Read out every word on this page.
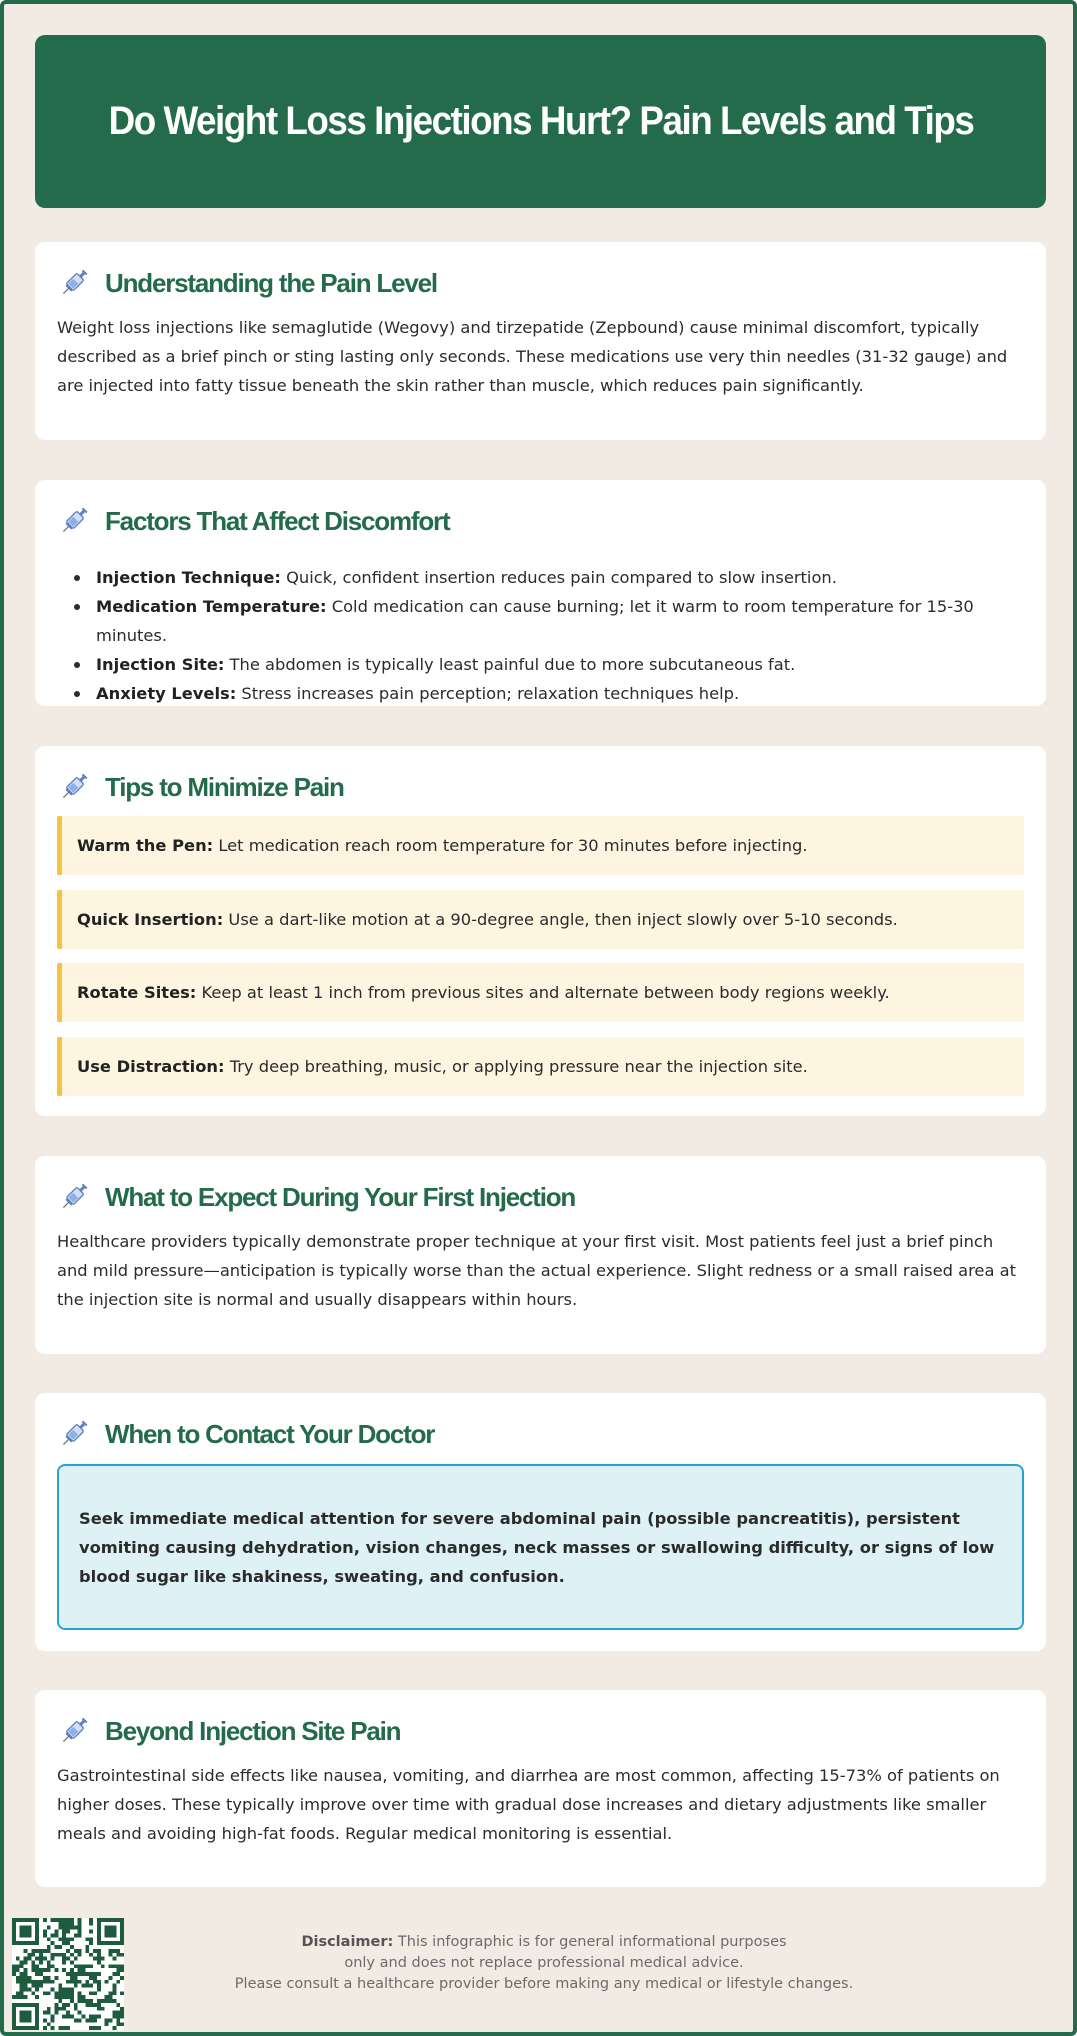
Do Weight Loss Injections Hurt? Pain Levels and Tips
Understanding the Pain Level

Weight loss injections like semaglutide (Wegovy) and tirzepatide (Zepbound) cause minimal discomfort, typically described as a brief pinch or sting lasting only seconds. These medications use very thin needles (31-32 gauge) and are injected into fatty tissue beneath the skin rather than muscle, which reduces pain significantly.

Factors That Affect Discomfort
Injection Technique: Quick, confident insertion reduces pain compared to slow insertion.
Medication Temperature: Cold medication can cause burning; let it warm to room temperature for 15-30 minutes.
Injection Site: The abdomen is typically least painful due to more subcutaneous fat.
Anxiety Levels: Stress increases pain perception; relaxation techniques help.
Tips to Minimize Pain
Warm the Pen: Let medication reach room temperature for 30 minutes before injecting.
Quick Insertion: Use a dart-like motion at a 90-degree angle, then inject slowly over 5-10 seconds.
Rotate Sites: Keep at least 1 inch from previous sites and alternate between body regions weekly.
Use Distraction: Try deep breathing, music, or applying pressure near the injection site.
What to Expect During Your First Injection

Healthcare providers typically demonstrate proper technique at your first visit. Most patients feel just a brief pinch and mild pressure—anticipation is typically worse than the actual experience. Slight redness or a small raised area at the injection site is normal and usually disappears within hours.

When to Contact Your Doctor
Seek immediate medical attention for severe abdominal pain (possible pancreatitis), persistent vomiting causing dehydration, vision changes, neck masses or swallowing difficulty, or signs of low blood sugar like shakiness, sweating, and confusion.
Beyond Injection Site Pain

Gastrointestinal side effects like nausea, vomiting, and diarrhea are most common, affecting 15-73% of patients on higher doses. These typically improve over time with gradual dose increases and dietary adjustments like smaller meals and avoiding high-fat foods. Regular medical monitoring is essential.

Disclaimer: This infographic is for general informational purposes
only and does not replace professional medical advice.
Please consult a healthcare provider before making any medical or lifestyle changes.
